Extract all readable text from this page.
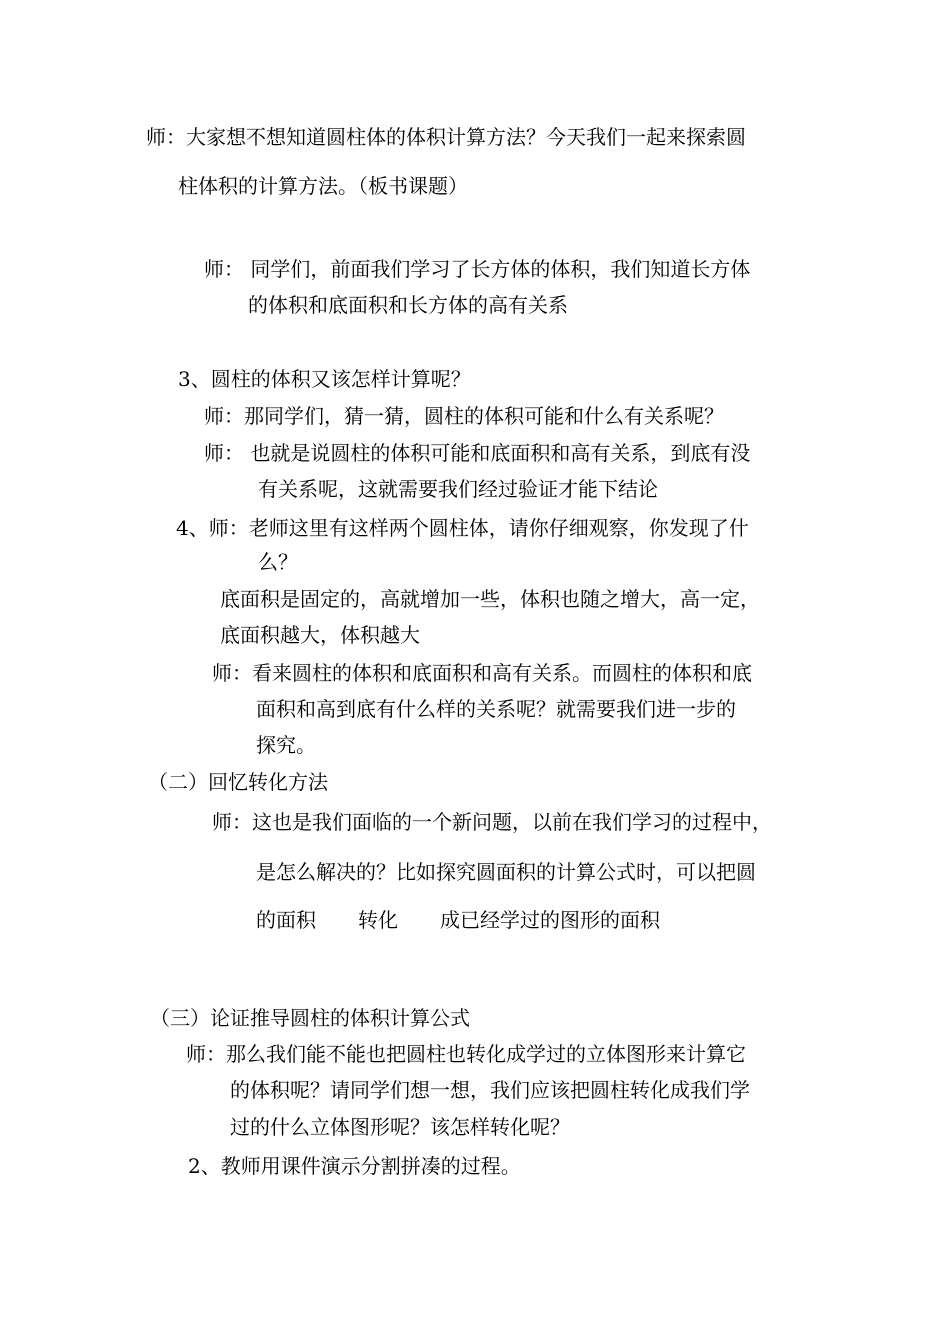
师：大家想不想知道圆柱体的体积计算方法？今天我们一起来探索圆

柱体积的计算方法。（板书课题）

师： 同学们，前面我们学习了长方体的体积，我们知道长方体

的体积和底面积和长方体的高有关系

3、圆柱的体积又该怎样计算呢？

师：那同学们，猜一猜，圆柱的体积可能和什么有关系呢？

师： 也就是说圆柱的体积可能和底面积和高有关系，到底有没

有关系呢，这就需要我们经过验证才能下结论

4、师：老师这里有这样两个圆柱体，请你仔细观察，你发现了什

么？

底面积是固定的，高就增加一些，体积也随之增大，高一定，

底面积越大，体积越大

师：看来圆柱的体积和底面积和高有关系。而圆柱的体积和底

面积和高到底有什么样的关系呢？就需要我们进一步的

探究。

（二）回忆转化方法

师：这也是我们面临的一个新问题，以前在我们学习的过程中，

是怎么解决的？比如探究圆面积的计算公式时，可以把圆

的面积 转化 成已经学过的图形的面积

（三）论证推导圆柱的体积计算公式

师：那么我们能不能也把圆柱也转化成学过的立体图形来计算它

的体积呢？请同学们想一想，我们应该把圆柱转化成我们学

过的什么立体图形呢？该怎样转化呢？

2、教师用课件演示分割拼凑的过程。
